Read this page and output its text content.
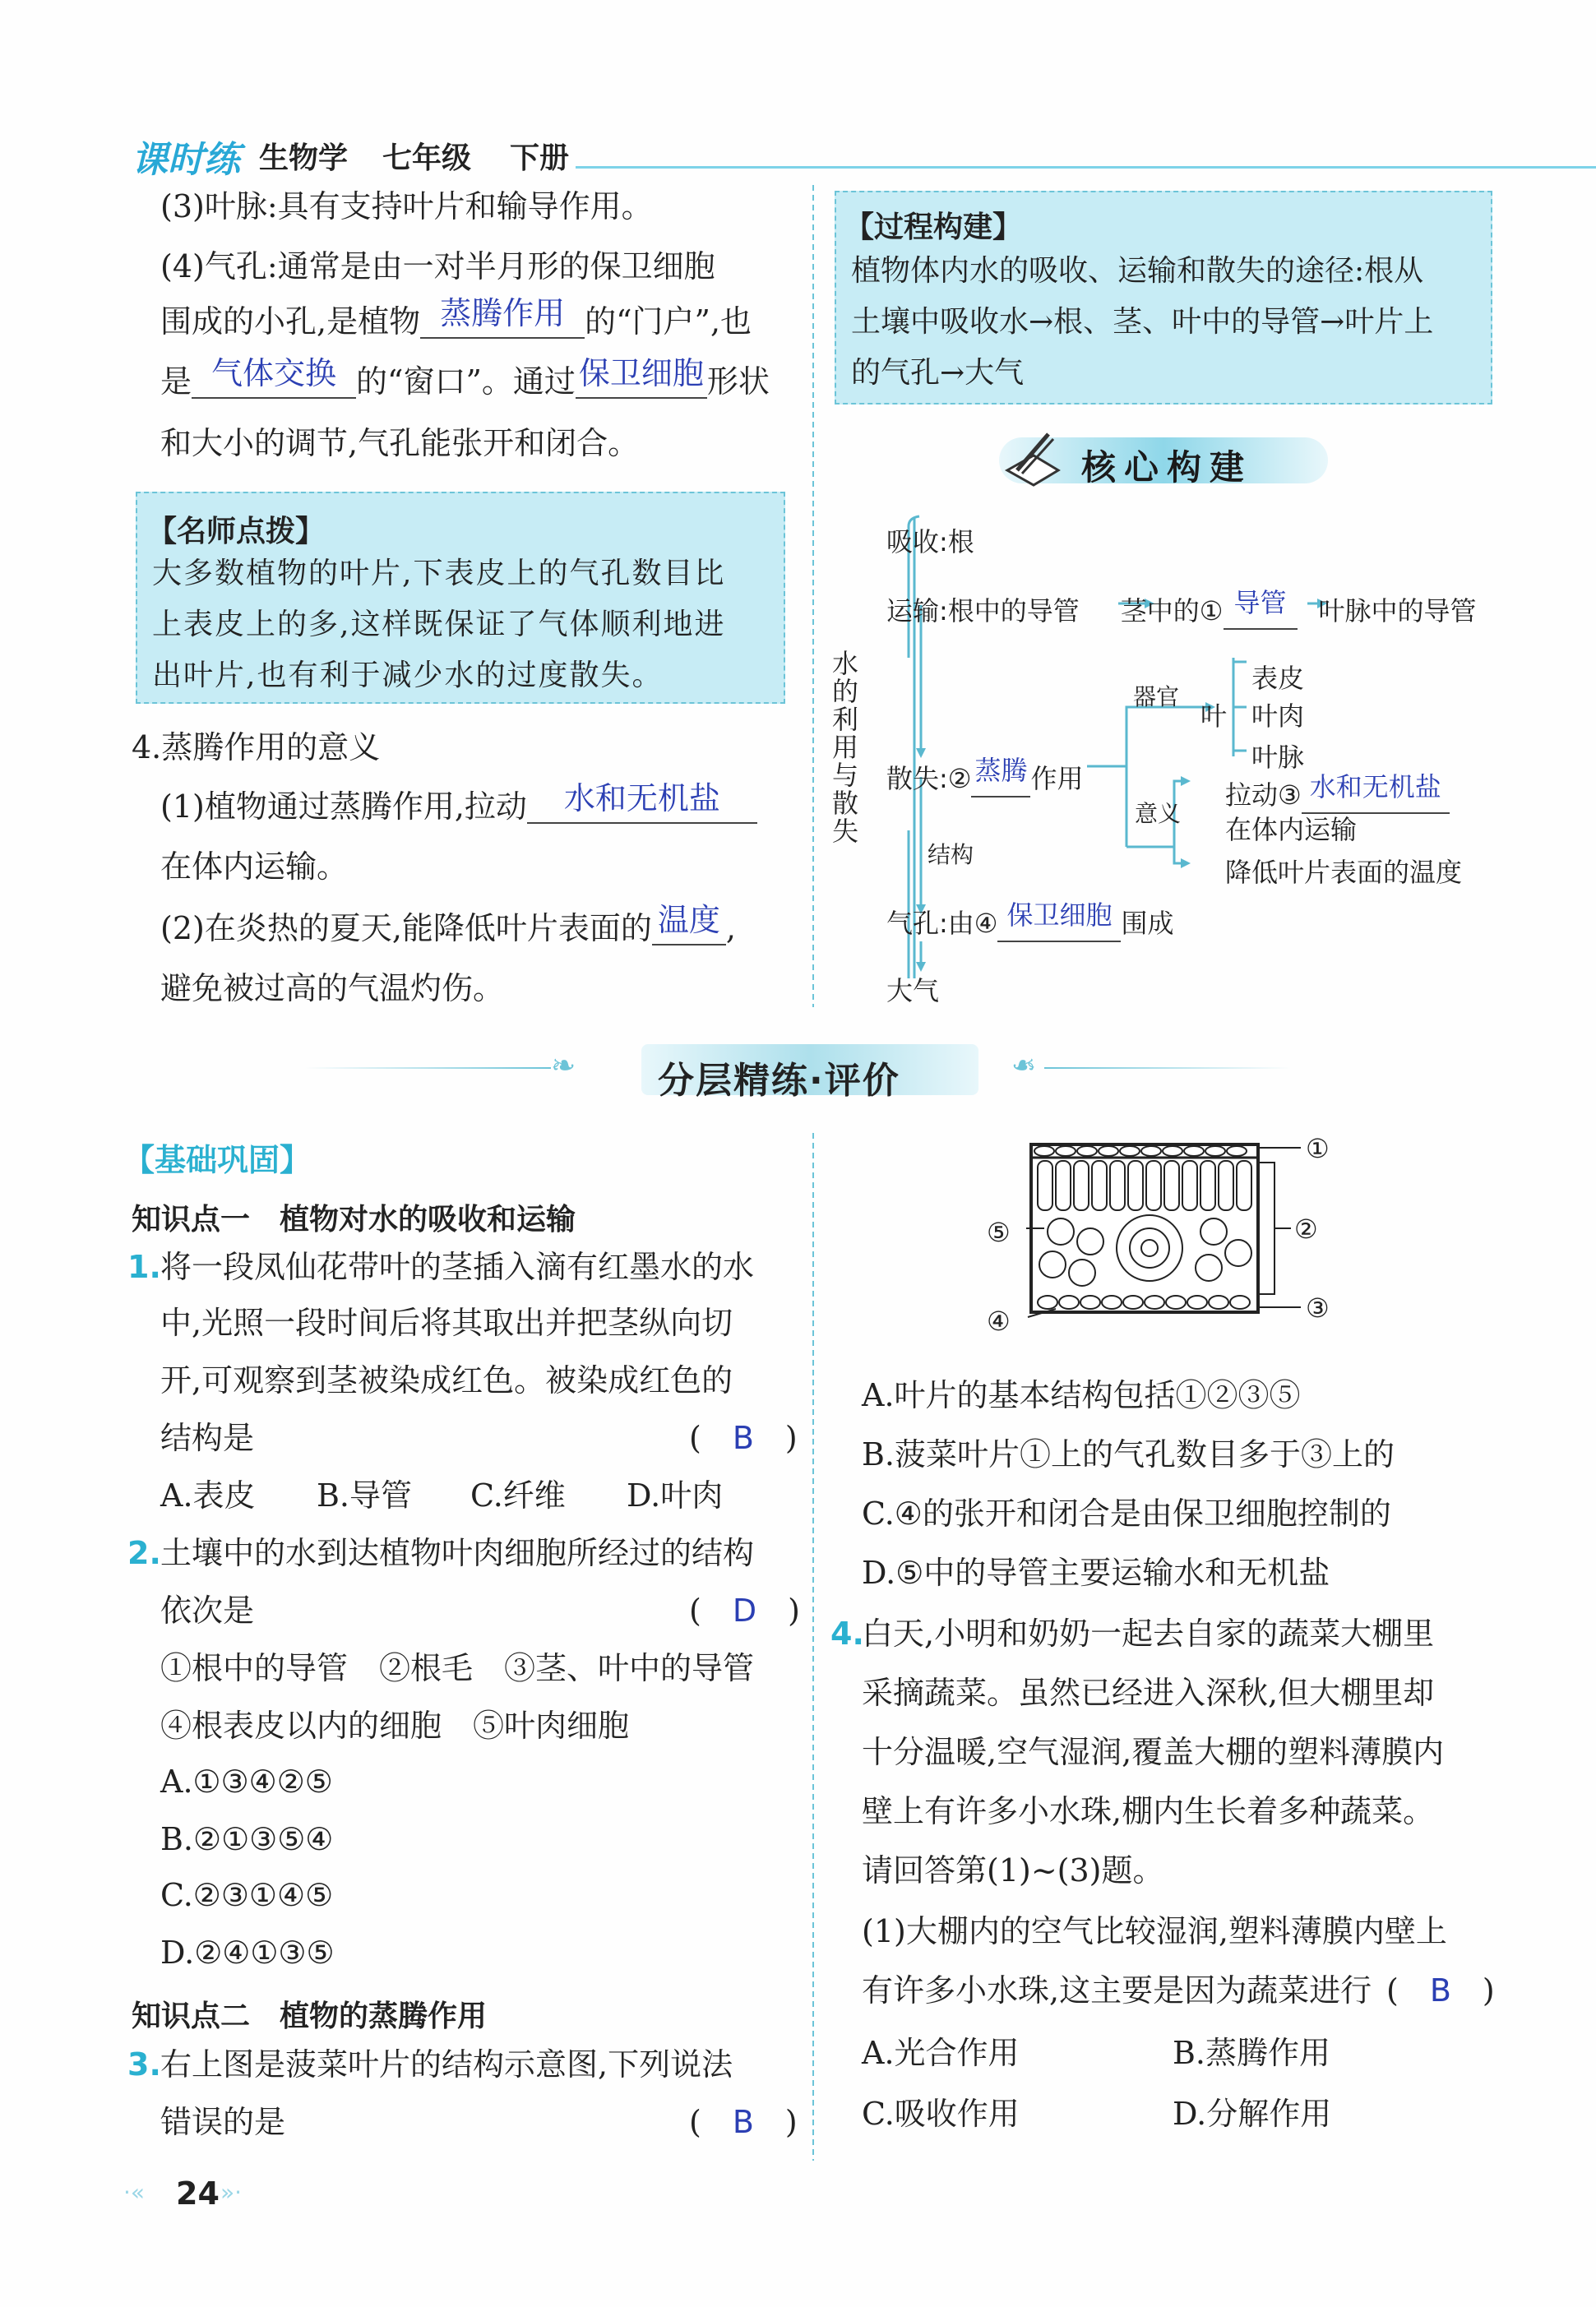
课时练 生物学 七年级 下册
(3)叶脉:具有支持叶片和输导作用。
(4)气孔:通常是由一对半月形的保卫细胞
围成的小孔,是植物 蒸腾作用 的“门户”,也
是 气体交换 的“窗口”。通过 保卫细胞 形状
和大小的调节,气孔能张开和闭合。
【名师点拨】
大多数植物的叶片,下表皮上的气孔数目比
上表皮上的多,这样既保证了气体顺利地进
出叶片,也有利于减少水的过度散失。
4.蒸腾作用的意义
(1)植物通过蒸腾作用,拉动 水和无机盐
在体内运输。
(2)在炎热的夏天,能降低叶片表面的 温度 ,
避免被过高的气温灼伤。
【过程构建】
植物体内水的吸收、运输和散失的途径:根从
土壤中吸收水→根、茎、叶中的导管→叶片上
的气孔→大气
核心构建
水的利用与散失
吸收:根
运输:根中的导管 茎中的① 导管 叶脉中的导管
器官
叶
表皮
叶肉
叶脉
散失:② 蒸腾 作用
意义
拉动③ 水和无机盐
在体内运输
降低叶片表面的温度
结构
气孔:由④ 保卫细胞 围成
大气
❧	❧
分层精练·评价
【基础巩固】
知识点一　植物对水的吸收和运输
1. 将一段凤仙花带叶的茎插入滴有红墨水的水
中,光照一段时间后将其取出并把茎纵向切
开,可观察到茎被染成红色。被染成红色的
结构是	(　B　)
A.表皮 B.导管 C.纤维 D.叶肉
2. 土壤中的水到达植物叶肉细胞所经过的结构
依次是	(　D　)
①根中的导管　②根毛　③茎、叶中的导管
④根表皮以内的细胞　⑤叶肉细胞
A.①③④②⑤
B.②①③⑤④
C.②③①④⑤
D.②④①③⑤
知识点二　植物的蒸腾作用
3. 右上图是菠菜叶片的结构示意图,下列说法
错误的是	(　B　)
·« 24 »·
①
②
③
④
⑤
A.叶片的基本结构包括①②③⑤
B.菠菜叶片①上的气孔数目多于③上的
C.④的张开和闭合是由保卫细胞控制的
D.⑤中的导管主要运输水和无机盐
4.
白天,小明和奶奶一起去自家的蔬菜大棚里
采摘蔬菜。虽然已经进入深秋,但大棚里却
十分温暖,空气湿润,覆盖大棚的塑料薄膜内
壁上有许多小水珠,棚内生长着多种蔬菜。
请回答第(1)~(3)题。
(1)大棚内的空气比较湿润,塑料薄膜内壁上
有许多小水珠,这主要是因为蔬菜进行 (　B　)
A.光合作用	B.蒸腾作用
C.吸收作用	D.分解作用
